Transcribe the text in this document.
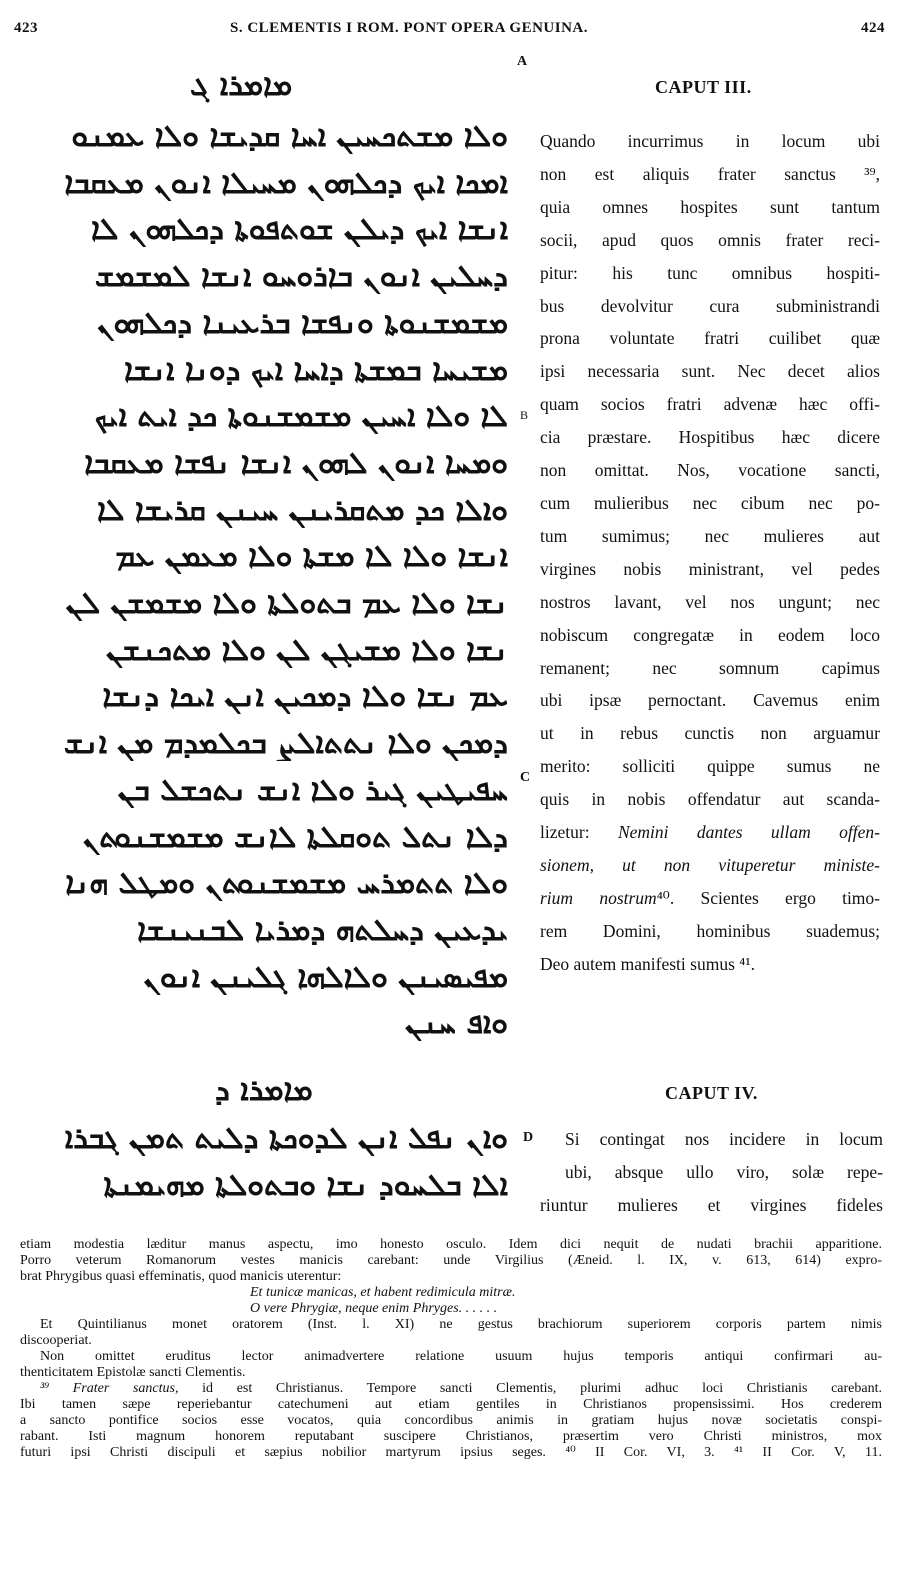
423	S. CLEMENTIS I ROM. PONT OPERA GENUINA.	424
A
B
C
D
ܡܐܡܪܐ ܓ
ܘܠܐ ܡܫܬܟܚܝܢ ܐܚܐ ܩܕܝܫܐ ܘܠܐ ܥܡܢܘ
ܐܡܟܐ ܐܝܟ ܕܟܠܗܘܢ ܡܚܝܠܐ ܐܢܘܢ ܡܥܩܒܐ
ܐܢܫܐ ܐܝܟ ܕܝܠܢ ܫܘܬܦܘܬܐ ܕܟܠܗܘܢ ܠܐ
ܕܚܠܝܢ ܐܢܘܢ ܒܐܪܘܚܘ ܐܢܫܐ ܠܡܫܡܫ
ܡܫܡܫܢܘܬܐ ܘܢܦܫܐ ܒܪܥܝܢܐ ܕܟܠܗܘܢ
ܡܫܝܚܐ ܒܡܫܬܐ ܕܐܚܐ ܐܝܟ ܕܘܢܐ ܐܢܫܐ
ܠܐ ܘܠܐ ܐܚܝܢ ܡܫܡܫܢܘܬܐ ܟܕ ܐܝܬ ܐܝܟ
ܘܡܚܐ ܐܢܘܢ ܠܗܘܢ ܐܢܫܐ ܢܦܫܐ ܡܥܩܒܐ
ܘܐܠܐ ܟܕ ܡܬܩܪܝܢܢ ܚܝܢܢ ܩܪܝܫܐ ܠܐ
ܐܢܫܐ ܘܠܐ ܠܐ ܡܫܬܐ ܘܠܐ ܡܥܡܢ ܥܡ
ܢܫܐ ܘܠܐ ܥܡ ܒܬܘܠܬܐ ܘܠܐ ܡܫܡܫܢ ܠܢ
ܢܫܐ ܘܠܐ ܡܫܝܓܢ ܠܢ ܘܠܐ ܡܬܟܢܫܢ
ܥܡ ܢܫܐ ܘܠܐ ܕܡܟܝܢ ܐܢܢ ܐܝܟܐ ܕܢܫܐ
ܕܡܟܢ ܘܠܐ ܢܬܬܐܠܨ ܒܟܠܡܕܡ ܡܢ ܐܢܫ
ܚܦܝܛܝܢ ܓܝܪ ܘܠܐ ܐܢܫ ܢܬܟܫܠ ܒܢ
ܕܠܐ ܢܬܠ ܬܘܩܠܬܐ ܠܐܢܫ ܡܫܡܫܢܘܬܢ
ܘܠܐ ܬܬܡܪܚ ܡܫܡܫܢܘܬܢ ܘܡܛܠ ܗܢܐ
ܝܕܥܝܢ ܕܚܠܬܗ ܕܡܪܝܐ ܠܒܢܝܢܫܐ
ܡܦܝܣܝܢܢ ܘܠܐܠܗܐ ܓܠܝܢܢ ܐܢܘܢ
ܘܐܦ ܚܢܢ
CAPUT III.
Quando incurrimus in locum ubi
non est aliquis frater sanctus ³⁹,
quia omnes hospites sunt tantum
socii, apud quos omnis frater reci-
pitur: his tunc omnibus hospiti-
bus devolvitur cura subministrandi
prona voluntate fratri cuilibet quæ
ipsi necessaria sunt. Nec decet alios
quam socios fratri advenæ hæc offi-
cia præstare. Hospitibus hæc dicere
non omittat. Nos, vocatione sancti,
cum mulieribus nec cibum nec po-
tum sumimus; nec mulieres aut
virgines nobis ministrant, vel pedes
nostros lavant, vel nos ungunt; nec
nobiscum congregatæ in eodem loco
remanent; nec somnum capimus
ubi ipsæ pernoctant. Cavemus enim
ut in rebus cunctis non arguamur
merito: solliciti quippe sumus ne
quis in nobis offendatur aut scanda-
lizetur: Nemini dantes ullam offen-
sionem, ut non vituperetur ministe-
rium nostrum⁴⁰. Scientes ergo timo-
rem Domini, hominibus suademus;
Deo autem manifesti sumus ⁴¹.
ܡܐܡܪܐ ܕ
ܘܐܢ ܢܦܠ ܐܢܢ ܠܕܘܟܬܐ ܕܠܝܬ ܬܡܢ ܓܒܪܐ
ܐܠܐ ܒܠܚܘܕ ܢܫܐ ܘܒܬܘܠܬܐ ܡܗܝܡܢܬܐ
CAPUT IV.
Si contingat nos incidere in locum
ubi, absque ullo viro, solæ repe-
riuntur mulieres et virgines fideles
etiam modestia læditur manus aspectu, imo honesto osculo. Idem dici nequit de nudati brachii apparitione.
Porro veterum Romanorum vestes manicis carebant: unde Virgilius (Æneid. l. IX, v. 613, 614) expro-
brat Phrygibus quasi effeminatis, quod manicis uterentur:
Et tunicæ manicas, et habent redimicula mitræ.
O vere Phrygiæ, neque enim Phryges. . . . . .
Et Quintilianus monet oratorem (Inst. l. XI) ne gestus brachiorum superiorem corporis partem nimis
discooperiat.
Non omittet eruditus lector animadvertere relatione usuum hujus temporis antiqui confirmari au-
thenticitatem Epistolæ sancti Clementis.
³⁹ Frater sanctus, id est Christianus. Tempore sancti Clementis, plurimi adhuc loci Christianis carebant.
Ibi tamen sæpe reperiebantur catechumeni aut etiam gentiles in Christianos propensissimi. Hos crederem
a sancto pontifice socios esse vocatos, quia concordibus animis in gratiam hujus novæ societatis conspi-
rabant. Isti magnum honorem reputabant suscipere Christianos, præsertim vero Christi ministros, mox
futuri ipsi Christi discipuli et sæpius nobilior martyrum ipsius seges. ⁴⁰ II Cor. VI, 3. ⁴¹ II Cor. V, 11.
